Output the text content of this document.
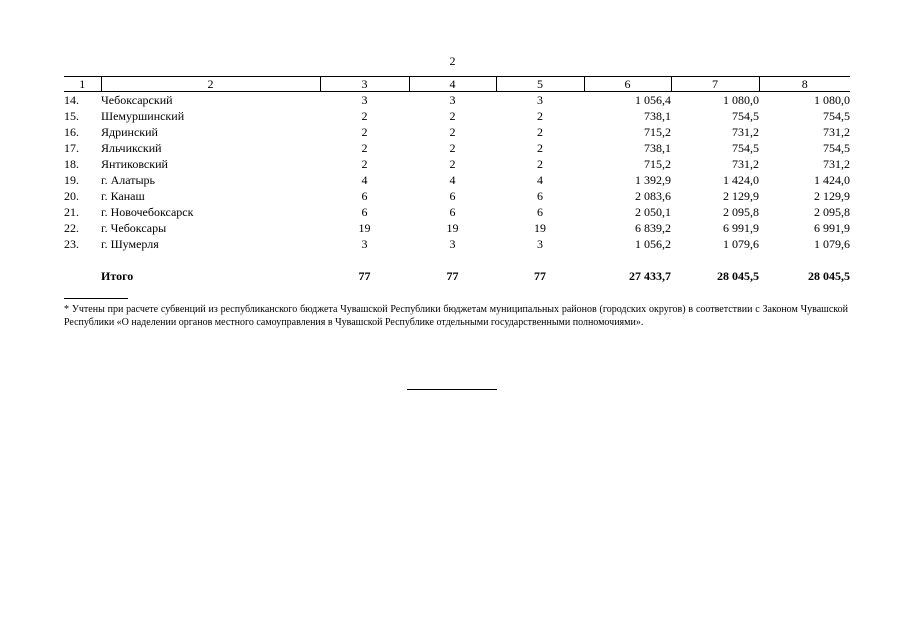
2
1	2	3	4	5	6	7	8
14.	Чебоксарский	3	3	3	1 056,4	1 080,0	1 080,0
15.	Шемуршинский	2	2	2	738,1	754,5	754,5
16.	Ядринский	2	2	2	715,2	731,2	731,2
17.	Яльчикский	2	2	2	738,1	754,5	754,5
18.	Янтиковский	2	2	2	715,2	731,2	731,2
19.	г. Алатырь	4	4	4	1 392,9	1 424,0	1 424,0
20.	г. Канаш	6	6	6	2 083,6	2 129,9	2 129,9
21.	г. Новочебоксарск	6	6	6	2 050,1	2 095,8	2 095,8
22.	г. Чебоксары	19	19	19	6 839,2	6 991,9	6 991,9
23.	г. Шумерля	3	3	3	1 056,2	1 079,6	1 079,6

	Итого	77	77	77	27 433,7	28 045,5	28 045,5
* Учтены при расчете субвенций из республиканского бюджета Чувашской Республики бюджетам муниципальных районов (городских округов) в соответствии с Законом Чувашской Республики «О наделении органов местного самоуправления в Чувашской Республике отдельными государственными полномочиями».
